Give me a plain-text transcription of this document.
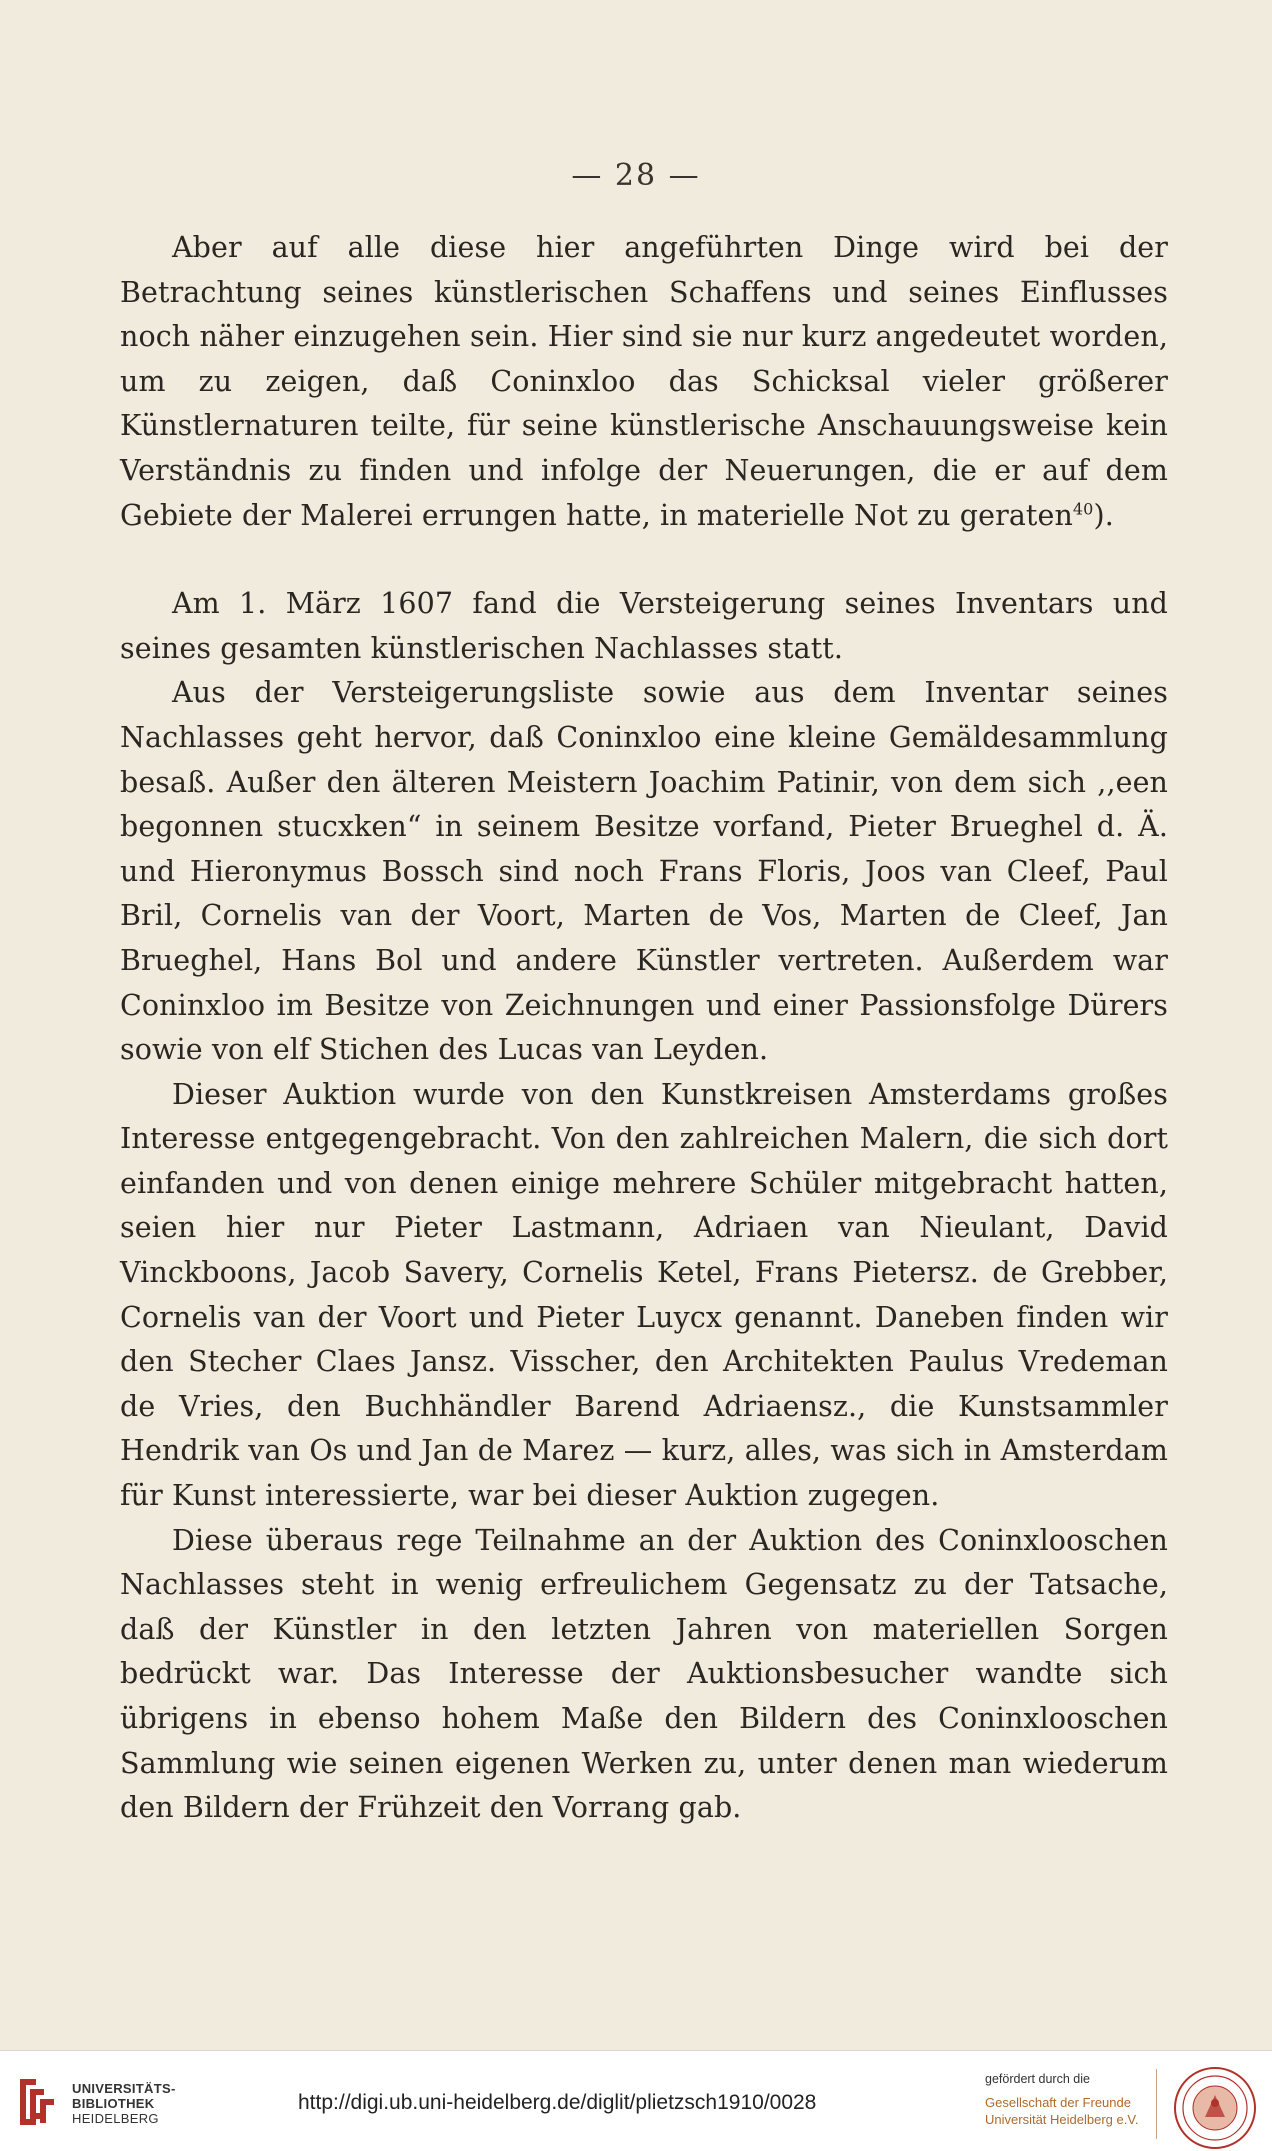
— 28 —

Aber auf alle diese hier angeführten Dinge wird bei der Betrachtung seines künstlerischen Schaffens und seines Einflusses noch näher einzugehen sein. Hier sind sie nur kurz angedeutet worden, um zu zeigen, daß Coninxloo das Schicksal vieler größerer Künstlernaturen teilte, für seine künstlerische Anschauungsweise kein Verständnis zu finden und infolge der Neuerungen, die er auf dem Gebiete der Malerei errungen hatte, in materielle Not zu geraten$^{40}$).

Am 1. März 1607 fand die Versteigerung seines Inventars und seines gesamten künstlerischen Nachlasses statt.

Aus der Versteigerungsliste sowie aus dem Inventar seines Nachlasses geht hervor, daß Coninxloo eine kleine Gemäldesammlung besaß. Außer den älteren Meistern Joachim Patinir, von dem sich ,,een begonnen stucxken“ in seinem Besitze vorfand, Pieter Brueghel d. Ä. und Hieronymus Bossch sind noch Frans Floris, Joos van Cleef, Paul Bril, Cornelis van der Voort, Marten de Vos, Marten de Cleef, Jan Brueghel, Hans Bol und andere Künstler vertreten. Außerdem war Coninxloo im Besitze von Zeichnungen und einer Passionsfolge Dürers sowie von elf Stichen des Lucas van Leyden.

Dieser Auktion wurde von den Kunstkreisen Amsterdams großes Interesse entgegengebracht. Von den zahlreichen Malern, die sich dort einfanden und von denen einige mehrere Schüler mitgebracht hatten, seien hier nur Pieter Lastmann, Adriaen van Nieulant, David Vinckboons, Jacob Savery, Cornelis Ketel, Frans Pietersz. de Grebber, Cornelis van der Voort und Pieter Luycx genannt. Daneben finden wir den Stecher Claes Jansz. Visscher, den Architekten Paulus Vredeman de Vries, den Buchhändler Barend Adriaensz., die Kunstsammler Hendrik van Os und Jan de Marez — kurz, alles, was sich in Amsterdam für Kunst interessierte, war bei dieser Auktion zugegen.

Diese überaus rege Teilnahme an der Auktion des Coninxlooschen Nachlasses steht in wenig erfreulichem Gegensatz zu der Tatsache, daß der Künstler in den letzten Jahren von materiellen Sorgen bedrückt war. Das Interesse der Auktionsbesucher wandte sich übrigens in ebenso hohem Maße den Bildern des Coninxlooschen Sammlung wie seinen eigenen Werken zu, unter denen man wiederum den Bildern der Frühzeit den Vorrang gab.

UNIVERSITÄTS-
BIBLIOTHEK
HEIDELBERG
http://digi.ub.uni-heidelberg.de/diglit/plietzsch1910/0028
gefördert durch die
Gesellschaft der Freunde
Universität Heidelberg e.V.
